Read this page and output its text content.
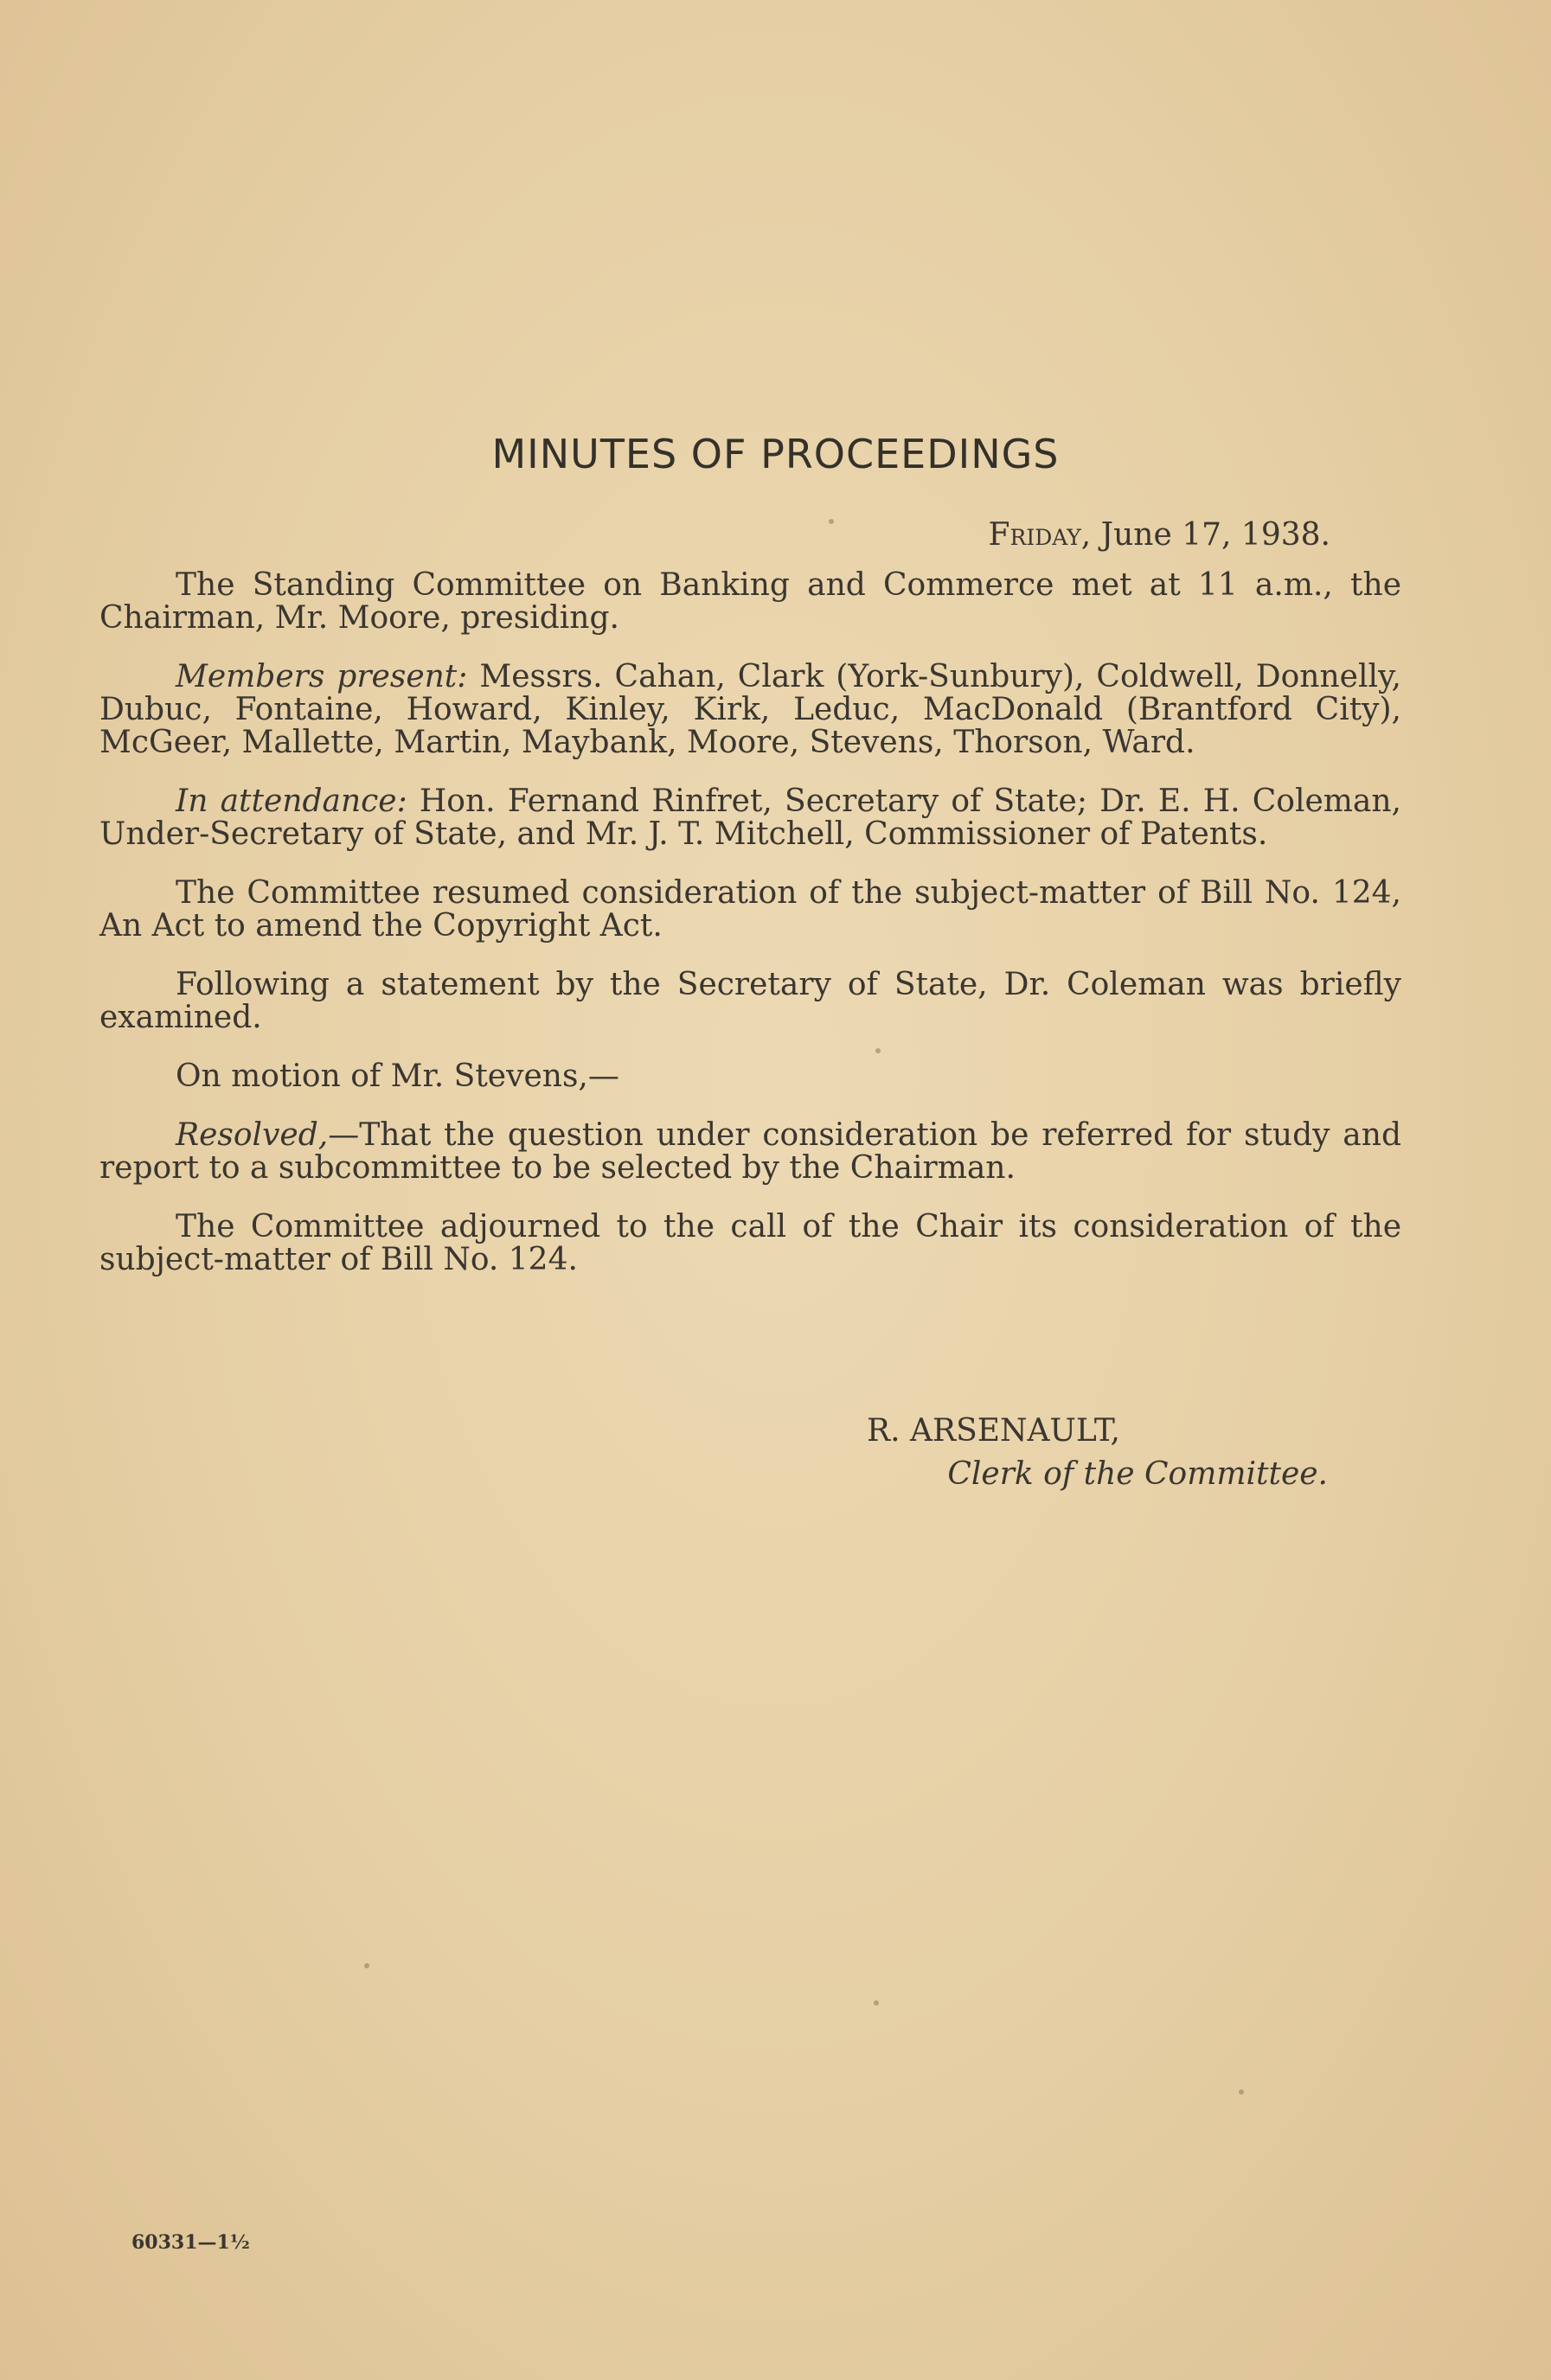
MINUTES OF PROCEEDINGS
Friday, June 17, 1938.

The Standing Committee on Banking and Commerce met at 11 a.m., the Chairman, Mr. Moore, presiding.

Members present: Messrs. Cahan, Clark (York-Sunbury), Coldwell, Donnelly, Dubuc, Fontaine, Howard, Kinley, Kirk, Leduc, MacDonald (Brantford City), McGeer, Mallette, Martin, Maybank, Moore, Stevens, Thorson, Ward.

In attendance: Hon. Fernand Rinfret, Secretary of State; Dr. E. H. Coleman, Under-Secretary of State, and Mr. J. T. Mitchell, Commissioner of Patents.

The Committee resumed consideration of the subject-matter of Bill No. 124, An Act to amend the Copyright Act.

Following a statement by the Secretary of State, Dr. Coleman was briefly examined.

On motion of Mr. Stevens,—

Resolved,—That the question under consideration be referred for study and report to a subcommittee to be selected by the Chairman.

The Committee adjourned to the call of the Chair its consideration of the subject-matter of Bill No. 124.

R. ARSENAULT,
Clerk of the Committee.
60331—1½
